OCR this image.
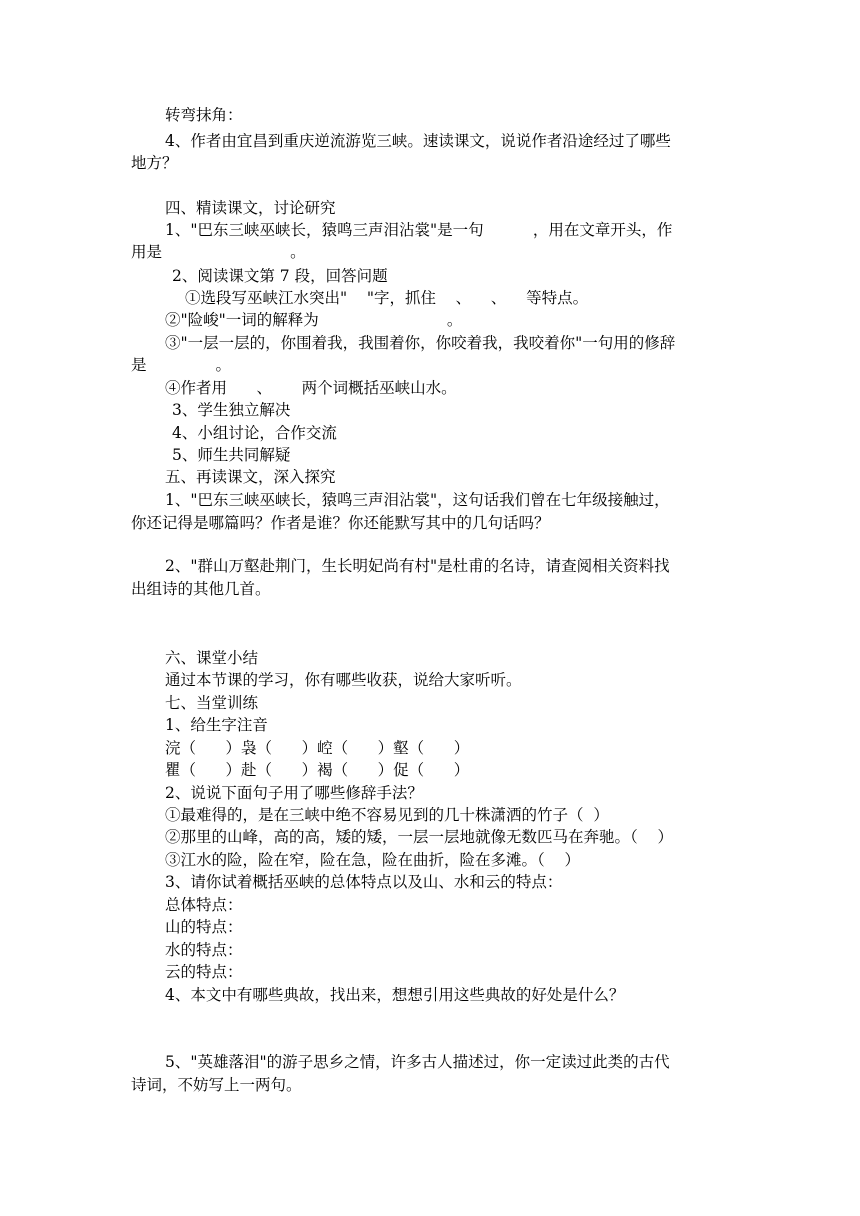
转弯抹角：

4、作者由宜昌到重庆逆流游览三峡。速读课文，说说作者沿途经过了哪些

地方？

四、精读课文，讨论研究

1、"巴东三峡巫峡长，猿鸣三声泪沾裳"是一句          ，用在文章开头，作

用是                          。

2、阅读课文第 7 段，回答问题

①选段写巫峡江水突出"    "字，抓住    、    、    等特点。

②"险峻"一词的解释为                          。

③"一层一层的，你围着我，我围着你，你咬着我，我咬着你"一句用的修辞

是              。

④作者用      、      两个词概括巫峡山水。

3、学生独立解决

4、小组讨论，合作交流

5、师生共同解疑

五、再读课文，深入探究

1、"巴东三峡巫峡长，猿鸣三声泪沾裳"，这句话我们曾在七年级接触过，

你还记得是哪篇吗？作者是谁？你还能默写其中的几句话吗？

2、"群山万壑赴荆门，生长明妃尚有村"是杜甫的名诗，请查阅相关资料找

出组诗的其他几首。

六、课堂小结

通过本节课的学习，你有哪些收获，说给大家听听。

七、当堂训练

1、给生字注音

浣（      ）袅（      ）崆（      ）壑（      ）

瞿（      ）赴（      ）褐（      ）促（      ）

2、说说下面句子用了哪些修辞手法？

①最难得的，是在三峡中绝不容易见到的几十株潇洒的竹子（  ）

②那里的山峰，高的高，矮的矮，一层一层地就像无数匹马在奔驰。（    ）

③江水的险，险在窄，险在急，险在曲折，险在多滩。（    ）

3、请你试着概括巫峡的总体特点以及山、水和云的特点：

总体特点：

山的特点：

水的特点：

云的特点：

4、本文中有哪些典故，找出来，想想引用这些典故的好处是什么？

5、"英雄落泪"的游子思乡之情，许多古人描述过，你一定读过此类的古代

诗词，不妨写上一两句。
